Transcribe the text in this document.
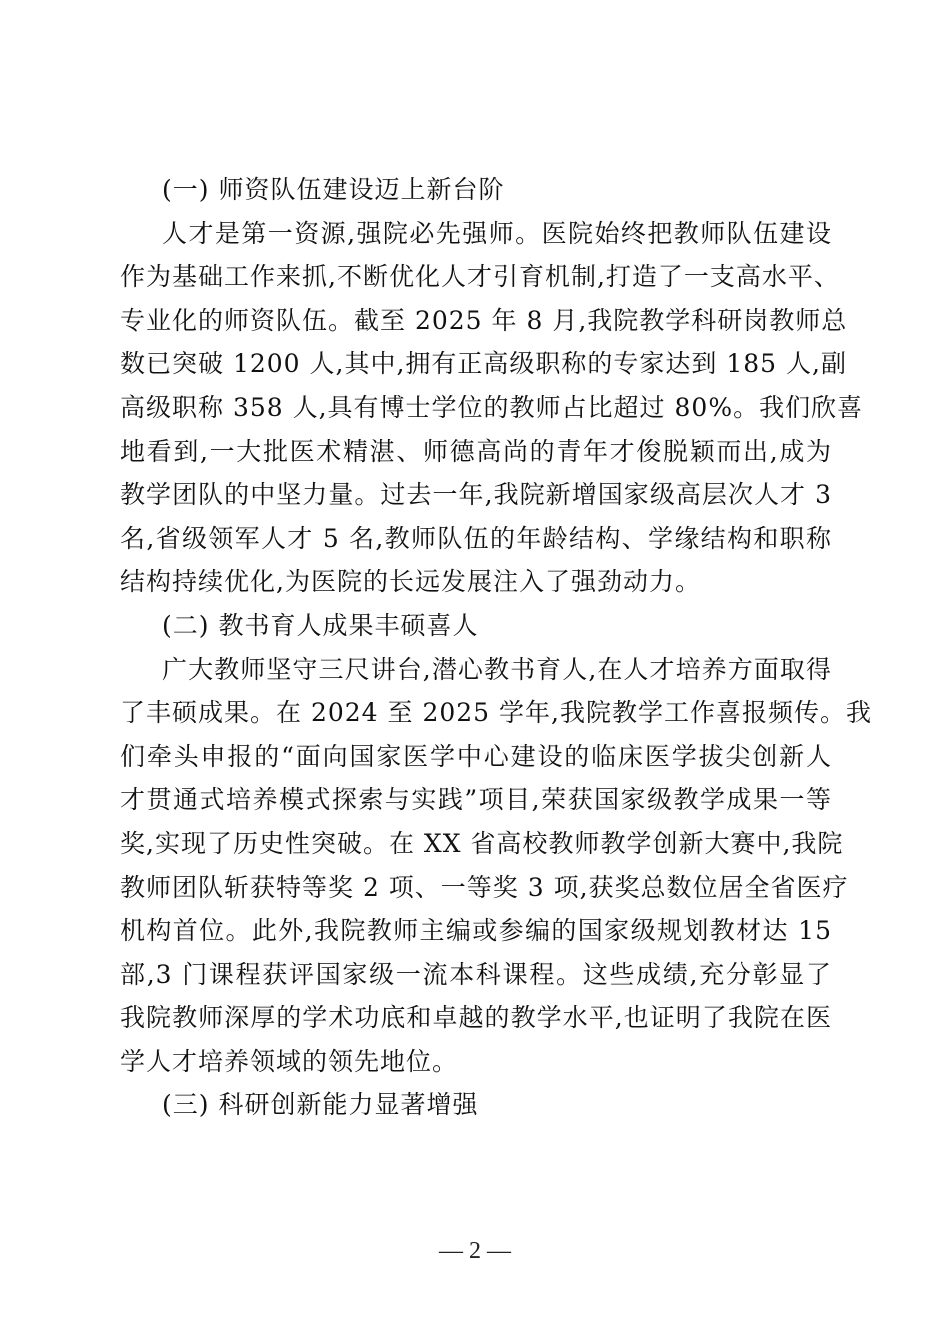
(一) 师资队伍建设迈上新台阶
人才是第一资源,强院必先强师。医院始终把教师队伍建设
作为基础工作来抓,不断优化人才引育机制,打造了一支高水平、
专业化的师资队伍。截至 2025 年 8 月,我院教学科研岗教师总
数已突破 1200 人,其中,拥有正高级职称的专家达到 185 人,副
高级职称 358 人,具有博士学位的教师占比超过 80%。我们欣喜
地看到,一大批医术精湛、师德高尚的青年才俊脱颖而出,成为
教学团队的中坚力量。过去一年,我院新增国家级高层次人才 3
名,省级领军人才 5 名,教师队伍的年龄结构、学缘结构和职称
结构持续优化,为医院的长远发展注入了强劲动力。
(二) 教书育人成果丰硕喜人
广大教师坚守三尺讲台,潜心教书育人,在人才培养方面取得
了丰硕成果。在 2024 至 2025 学年,我院教学工作喜报频传。我
们牵头申报的“面向国家医学中心建设的临床医学拔尖创新人
才贯通式培养模式探索与实践”项目,荣获国家级教学成果一等
奖,实现了历史性突破。在 XX 省高校教师教学创新大赛中,我院
教师团队斩获特等奖 2 项、一等奖 3 项,获奖总数位居全省医疗
机构首位。此外,我院教师主编或参编的国家级规划教材达 15
部,3 门课程获评国家级一流本科课程。这些成绩,充分彰显了
我院教师深厚的学术功底和卓越的教学水平,也证明了我院在医
学人才培养领域的领先地位。
(三) 科研创新能力显著增强
— 2 —
